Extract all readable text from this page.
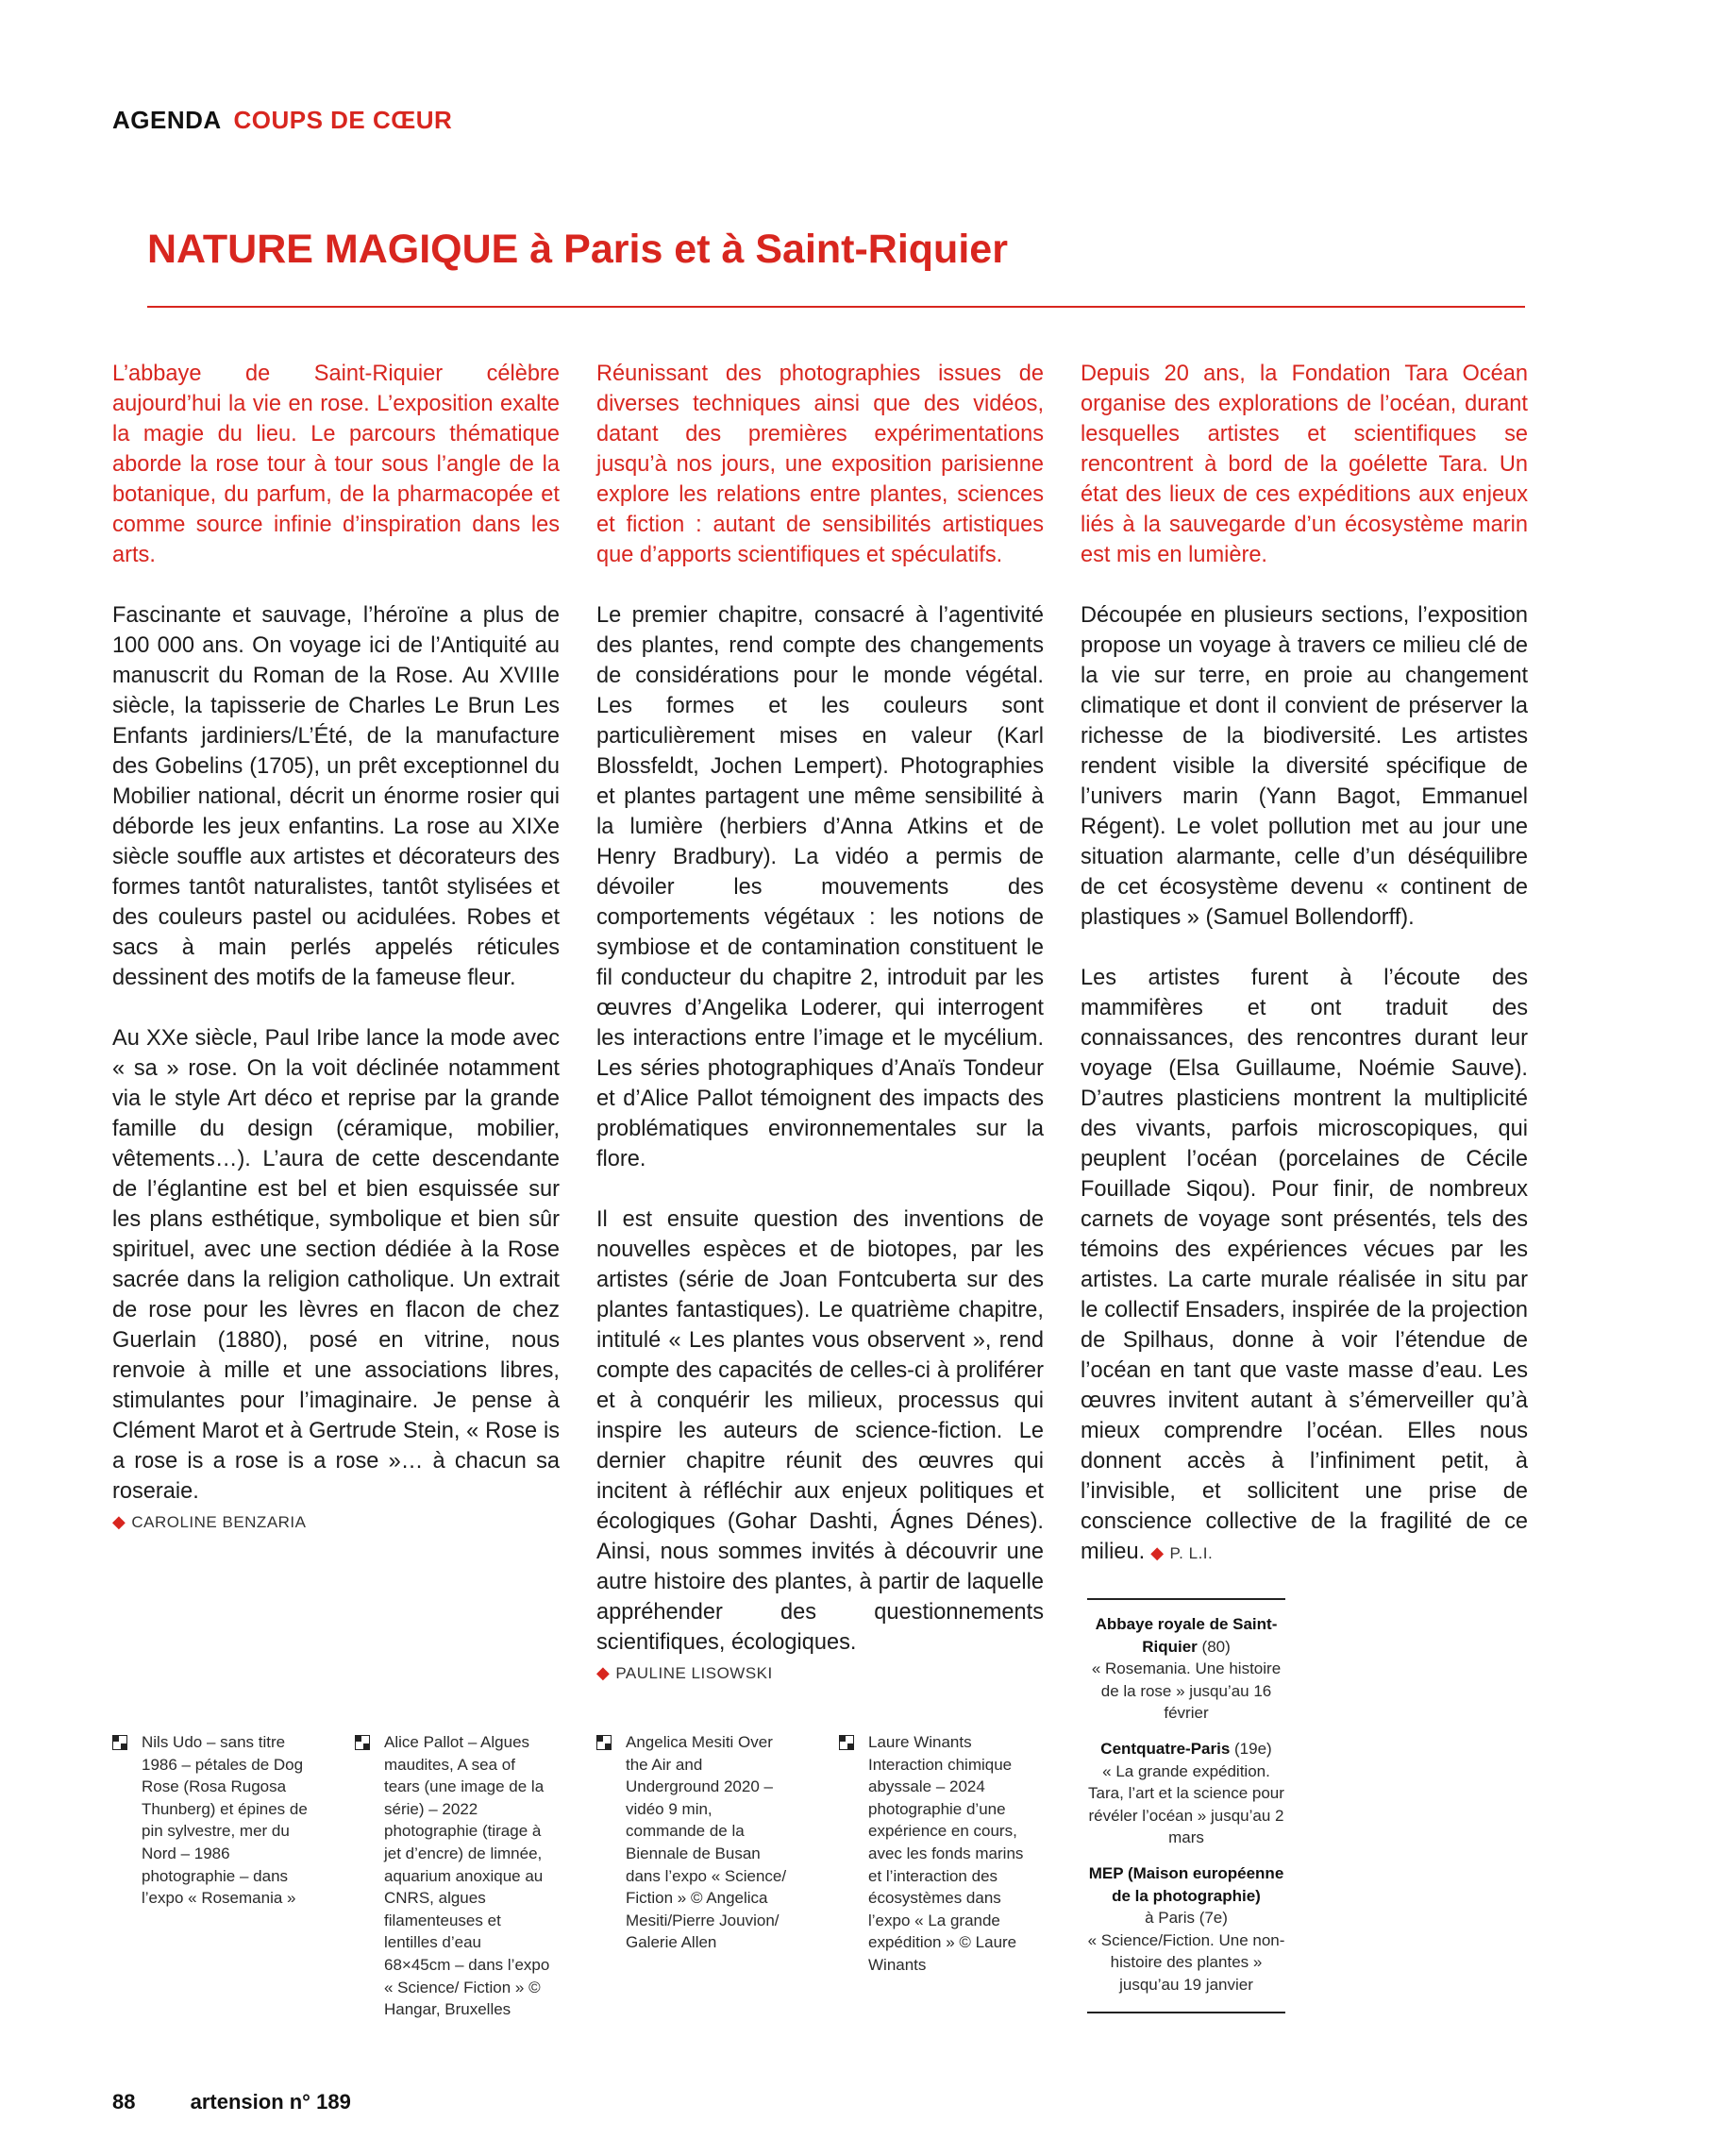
AGENDA COUPS DE CŒUR
NATURE MAGIQUE à Paris et à Saint-Riquier

L’abbaye de Saint-Riquier célèbre aujourd’hui la vie en rose. L’exposition exalte la magie du lieu. Le parcours thématique aborde la rose tour à tour sous l’angle de la botanique, du parfum, de la pharmacopée et comme source infinie d’inspiration dans les arts.

Fascinante et sauvage, l’héroïne a plus de 100 000 ans. On voyage ici de l’Antiquité au manuscrit du Roman de la Rose. Au XVIIIe siècle, la tapisserie de Charles Le Brun Les Enfants jardiniers/L’Été, de la manufacture des Gobelins (1705), un prêt exceptionnel du Mobilier national, décrit un énorme rosier qui déborde les jeux enfantins. La rose au XIXe siècle souffle aux artistes et décorateurs des formes tantôt naturalistes, tantôt stylisées et des couleurs pastel ou acidulées. Robes et sacs à main perlés appelés réticules dessinent des motifs de la fameuse fleur.

Au XXe siècle, Paul Iribe lance la mode avec « sa » rose. On la voit déclinée notamment via le style Art déco et reprise par la grande famille du design (céramique, mobilier, vêtements…). L’aura de cette descendante de l’églantine est bel et bien esquissée sur les plans esthétique, symbolique et bien sûr spirituel, avec une section dédiée à la Rose sacrée dans la religion catholique. Un extrait de rose pour les lèvres en flacon de chez Guerlain (1880), posé en vitrine, nous renvoie à mille et une associations libres, stimulantes pour l’imaginaire. Je pense à Clément Marot et à Gertrude Stein, « Rose is a rose is a rose is a rose »… à chacun sa roseraie.

◆ CAROLINE BENZARIA

Réunissant des photographies issues de diverses techniques ainsi que des vidéos, datant des premières expérimentations jusqu’à nos jours, une exposition parisienne explore les relations entre plantes, sciences et fiction : autant de sensibilités artistiques que d’apports scientifiques et spéculatifs.

Le premier chapitre, consacré à l’agentivité des plantes, rend compte des changements de considérations pour le monde végétal. Les formes et les couleurs sont particulièrement mises en valeur (Karl Blossfeldt, Jochen Lempert). Photographies et plantes partagent une même sensibilité à la lumière (herbiers d’Anna Atkins et de Henry Bradbury). La vidéo a permis de dévoiler les mouvements des comportements végétaux : les notions de symbiose et de contamination constituent le fil conducteur du chapitre 2, introduit par les œuvres d’Angelika Loderer, qui interrogent les interactions entre l’image et le mycélium. Les séries photographiques d’Anaïs Tondeur et d’Alice Pallot témoignent des impacts des problématiques environnementales sur la flore.

Il est ensuite question des inventions de nouvelles espèces et de biotopes, par les artistes (série de Joan Fontcuberta sur des plantes fantastiques). Le quatrième chapitre, intitulé « Les plantes vous observent », rend compte des capacités de celles-ci à proliférer et à conquérir les milieux, processus qui inspire les auteurs de science-fiction. Le dernier chapitre réunit des œuvres qui incitent à réfléchir aux enjeux politiques et écologiques (Gohar Dashti, Ágnes Dénes). Ainsi, nous sommes invités à découvrir une autre histoire des plantes, à partir de laquelle appréhender des questionnements scientifiques, écologiques.

◆ PAULINE LISOWSKI

Depuis 20 ans, la Fondation Tara Océan organise des explorations de l’océan, durant lesquelles artistes et scientifiques se rencontrent à bord de la goélette Tara. Un état des lieux de ces expéditions aux enjeux liés à la sauvegarde d’un écosystème marin est mis en lumière.

Découpée en plusieurs sections, l’exposition propose un voyage à travers ce milieu clé de la vie sur terre, en proie au changement climatique et dont il convient de préserver la richesse de la biodiversité. Les artistes rendent visible la diversité spécifique de l’univers marin (Yann Bagot, Emmanuel Régent). Le volet pollution met au jour une situation alarmante, celle d’un déséquilibre de cet écosystème devenu « continent de plastiques » (Samuel Bollendorff).

Les artistes furent à l’écoute des mammifères et ont traduit des connaissances, des rencontres durant leur voyage (Elsa Guillaume, Noémie Sauve). D’autres plasticiens montrent la multiplicité des vivants, parfois microscopiques, qui peuplent l’océan (porcelaines de Cécile Fouillade Siqou). Pour finir, de nombreux carnets de voyage sont présentés, tels des témoins des expériences vécues par les artistes. La carte murale réalisée in situ par le collectif Ensaders, inspirée de la projection de Spilhaus, donne à voir l’étendue de l’océan en tant que vaste masse d’eau. Les œuvres invitent autant à s’émerveiller qu’à mieux comprendre l’océan. Elles nous donnent accès à l’infiniment petit, à l’invisible, et sollicitent une prise de conscience collective de la fragilité de ce milieu. ◆ P. L.I.

Nils Udo – sans titre 1986 – pétales de Dog Rose (Rosa Rugosa Thunberg) et épines de pin sylvestre, mer du Nord – 1986 photographie – dans l’expo « Rosemania »
Alice Pallot – Algues maudites, A sea of tears (une image de la série) – 2022 photographie (tirage à jet d’encre) de limnée, aquarium anoxique au CNRS, algues filamenteuses et lentilles d’eau 68×45cm – dans l’expo « Science/ Fiction » © Hangar, Bruxelles
Angelica Mesiti Over the Air and Underground 2020 – vidéo 9 min, commande de la Biennale de Busan dans l’expo « Science/ Fiction » © Angelica Mesiti/Pierre Jouvion/ Galerie Allen
Laure Winants Interaction chimique abyssale – 2024 photographie d’une expérience en cours, avec les fonds marins et l’interaction des écosystèmes dans l’expo « La grande expédition » © Laure Winants
Abbaye royale de Saint-Riquier (80)
« Rosemania. Une histoire de la rose » jusqu’au 16 février
Centquatre-Paris (19e)
« La grande expédition. Tara, l’art et la science pour révéler l’océan » jusqu’au 2 mars
MEP (Maison européenne de la photographie)
à Paris (7e)
« Science/Fiction. Une non-histoire des plantes » jusqu’au 19 janvier
88	artension n° 189
